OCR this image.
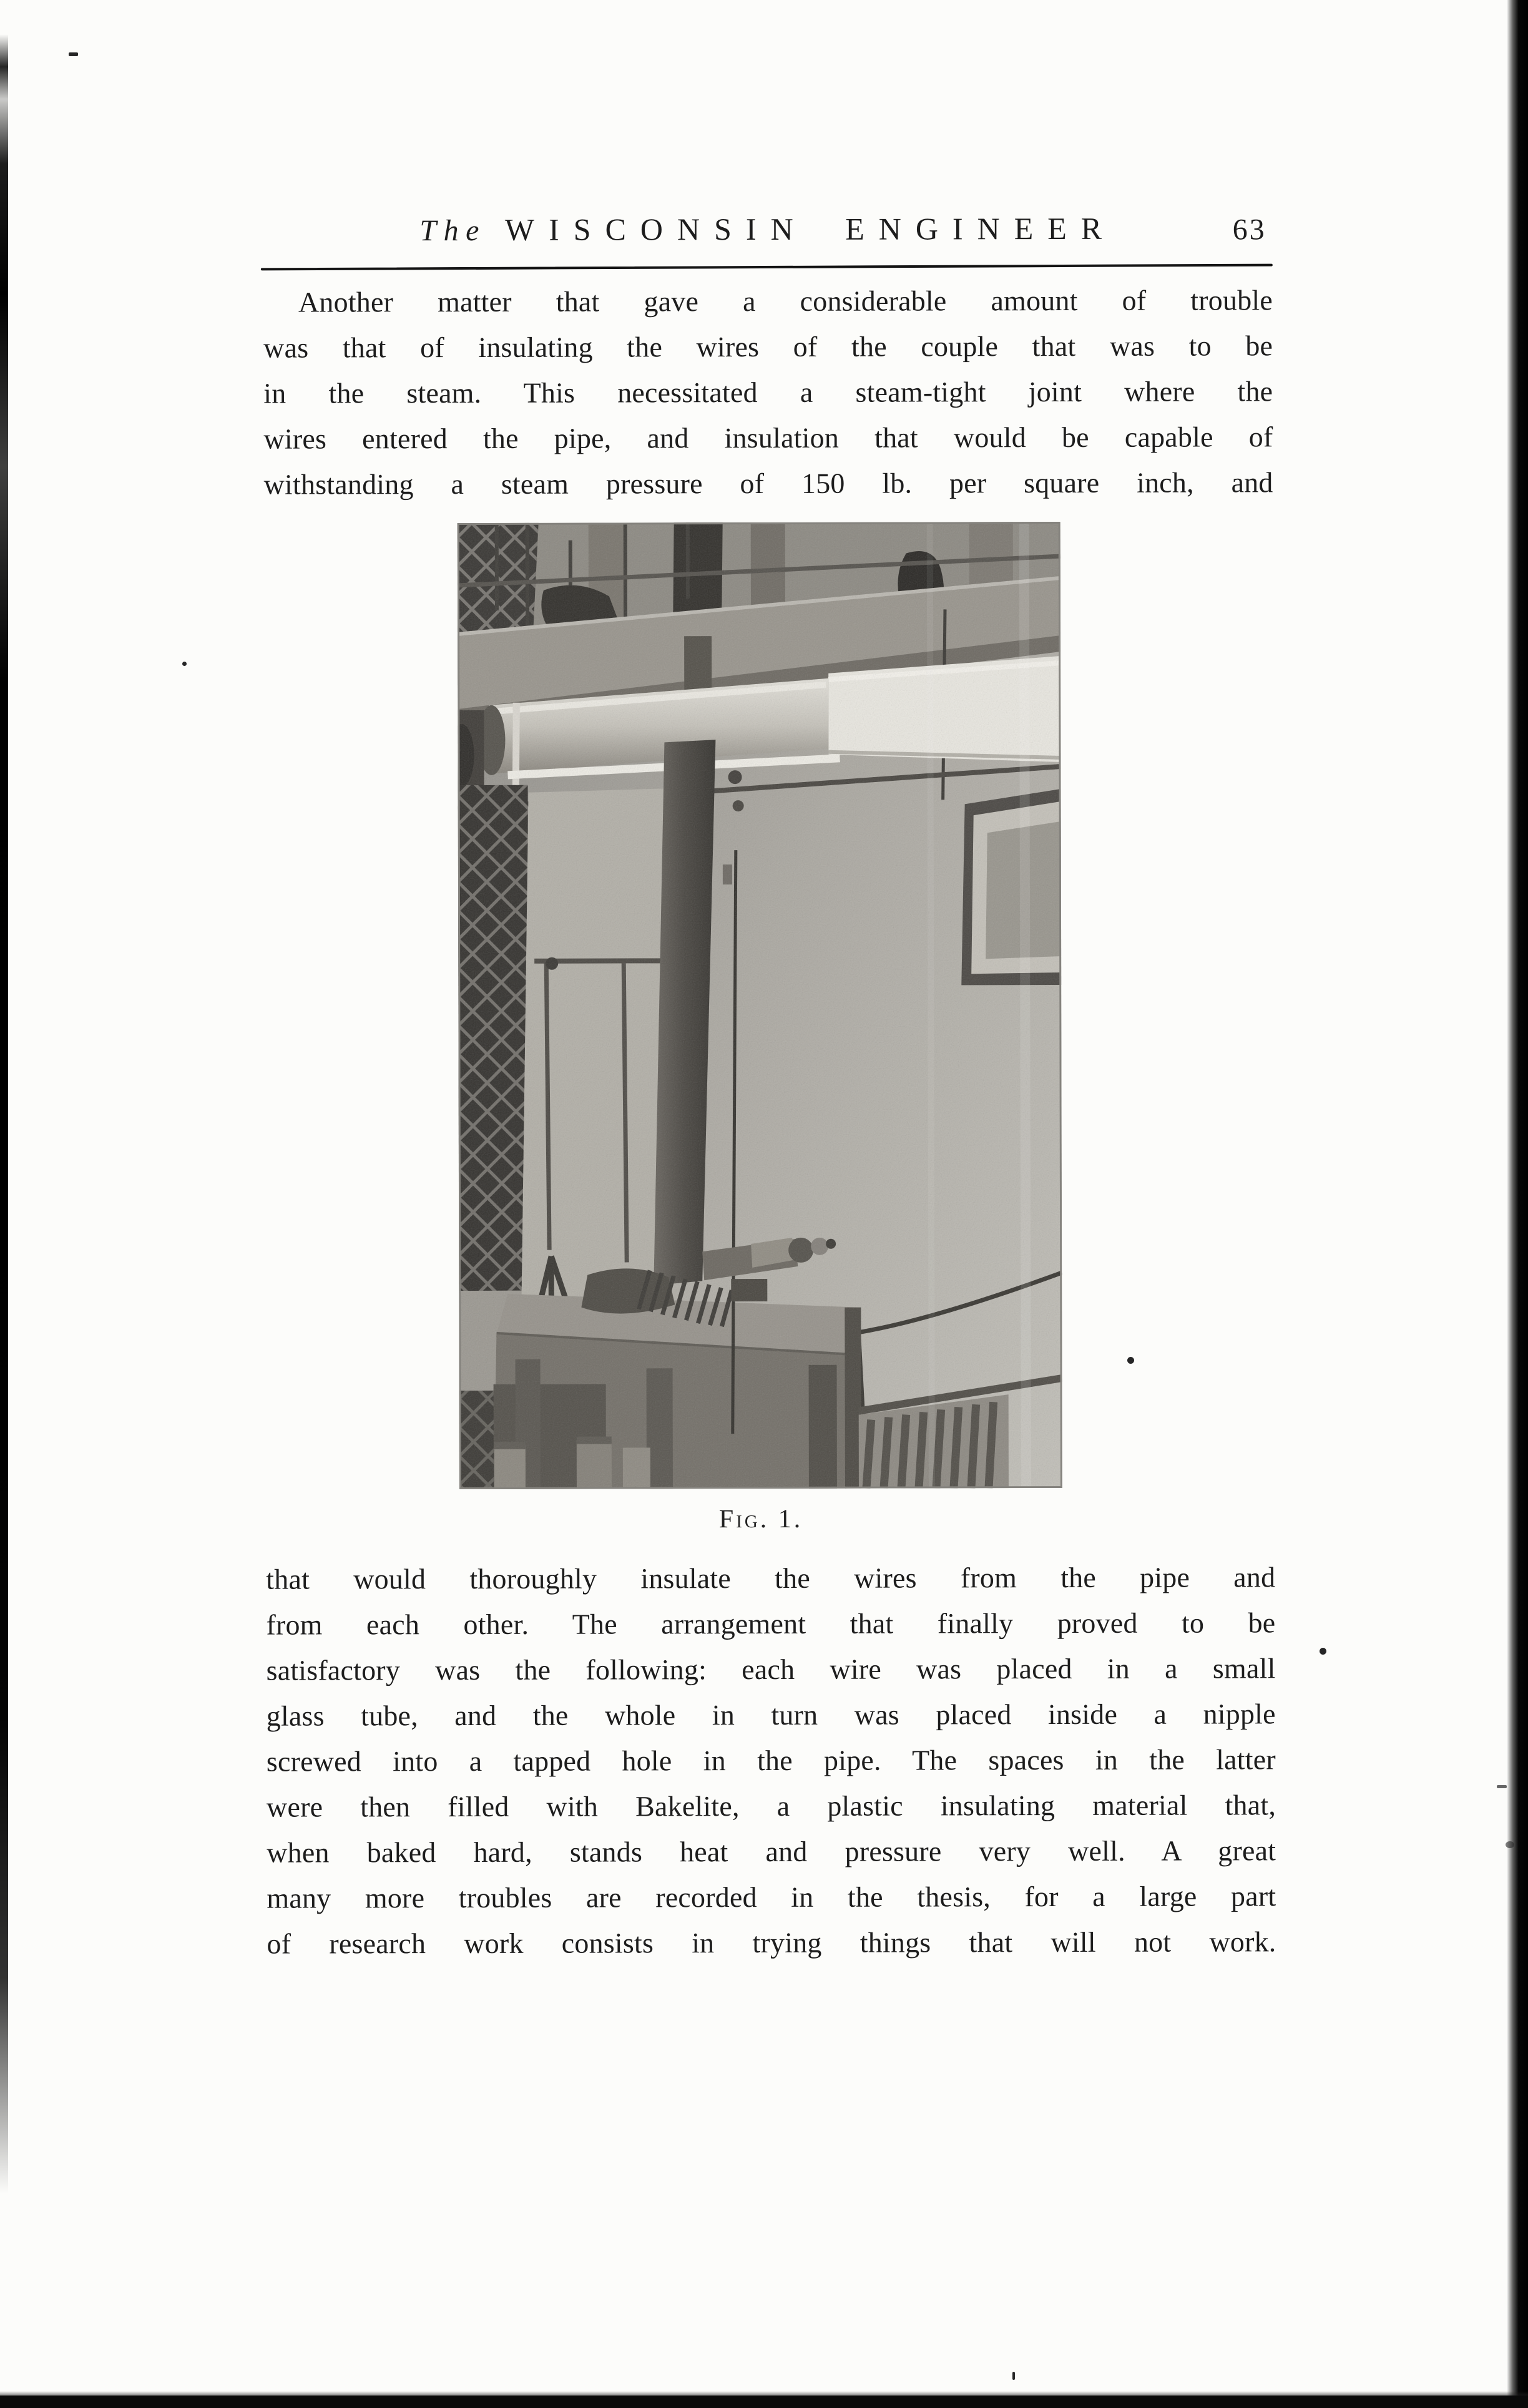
The WISCONSIN ENGINEER	63
Another matter that gave a considerable amount of trouble
was that of insulating the wires of the couple that was to be
in the steam. This necessitated a steam-tight joint where the
wires entered the pipe, and insulation that would be capable of
withstanding a steam pressure of 150 lb. per square inch, and
Fig. 1.
that would thoroughly insulate the wires from the pipe and
from each other. The arrangement that finally proved to be
satisfactory was the following: each wire was placed in a small
glass tube, and the whole in turn was placed inside a nipple
screwed into a tapped hole in the pipe. The spaces in the latter
were then filled with Bakelite, a plastic insulating material that,
when baked hard, stands heat and pressure very well. A great
many more troubles are recorded in the thesis, for a large part
of research work consists in trying things that will not work.
